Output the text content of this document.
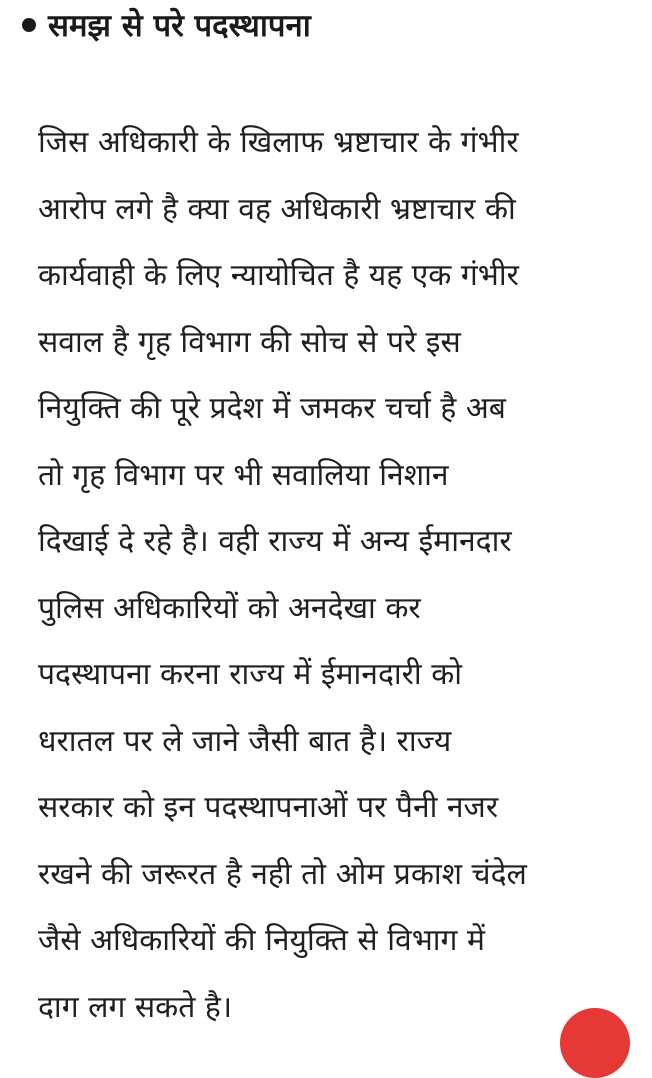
समझ से परे पदस्थापना
जिस अधिकारी के खिलाफ भ्रष्टाचार के गंभीर
आरोप लगे है क्या वह अधिकारी भ्रष्टाचार की
कार्यवाही के लिए न्यायोचित है यह एक गंभीर
सवाल है गृह विभाग की सोच से परे इस
नियुक्ति की पूरे प्रदेश में जमकर चर्चा है अब
तो गृह विभाग पर भी सवालिया निशान
दिखाई दे रहे है। वही राज्य में अन्य ईमानदार
पुलिस अधिकारियों को अनदेखा कर
पदस्थापना करना राज्य में ईमानदारी को
धरातल पर ले जाने जैसी बात है। राज्य
सरकार को इन पदस्थापनाओं पर पैनी नजर
रखने की जरूरत है नही तो ओम प्रकाश चंदेल
जैसे अधिकारियों की नियुक्ति से विभाग में
दाग लग सकते है।
